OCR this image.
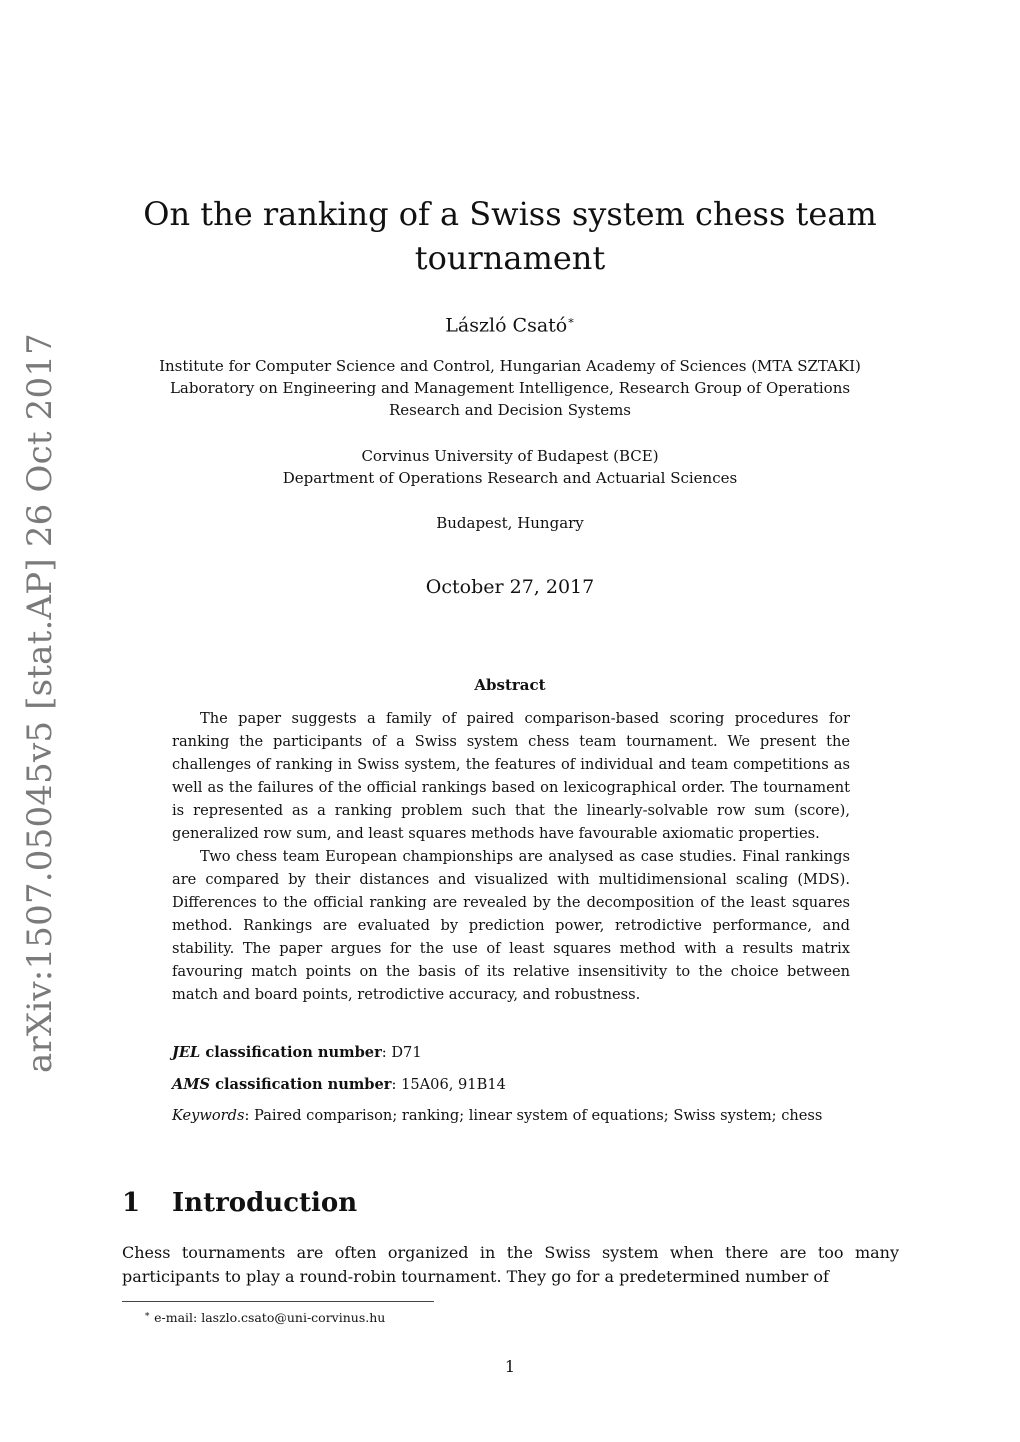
arXiv:1507.05045v5 [stat.AP] 26 Oct 2017
On the ranking of a Swiss system chess team
tournament
László Csató∗
Institute for Computer Science and Control, Hungarian Academy of Sciences (MTA SZTAKI)
Laboratory on Engineering and Management Intelligence, Research Group of Operations
Research and Decision Systems
Corvinus University of Budapest (BCE)
Department of Operations Research and Actuarial Sciences
Budapest, Hungary
October 27, 2017
Abstract

The paper suggests a family of paired comparison-based scoring procedures for ranking the participants of a Swiss system chess team tournament. We present the challenges of ranking in Swiss system, the features of individual and team competitions as well as the failures of the official rankings based on lexicographical order. The tournament is represented as a ranking problem such that the linearly-solvable row sum (score), generalized row sum, and least squares methods have favourable axiomatic properties.

Two chess team European championships are analysed as case studies. Final rankings are compared by their distances and visualized with multidimensional scaling (MDS). Differences to the official ranking are revealed by the decomposition of the least squares method. Rankings are evaluated by prediction power, retrodictive performance, and stability. The paper argues for the use of least squares method with a results matrix favouring match points on the basis of its relative insensitivity to the choice between match and board points, retrodictive accuracy, and robustness.

JEL classification number: D71
AMS classification number: 15A06, 91B14
Keywords: Paired comparison; ranking; linear system of equations; Swiss system; chess
1 Introduction
Chess tournaments are often organized in the Swiss system when there are too many participants to play a round-robin tournament. They go for a predetermined number of
∗ e-mail: laszlo.csato@uni-corvinus.hu
1
